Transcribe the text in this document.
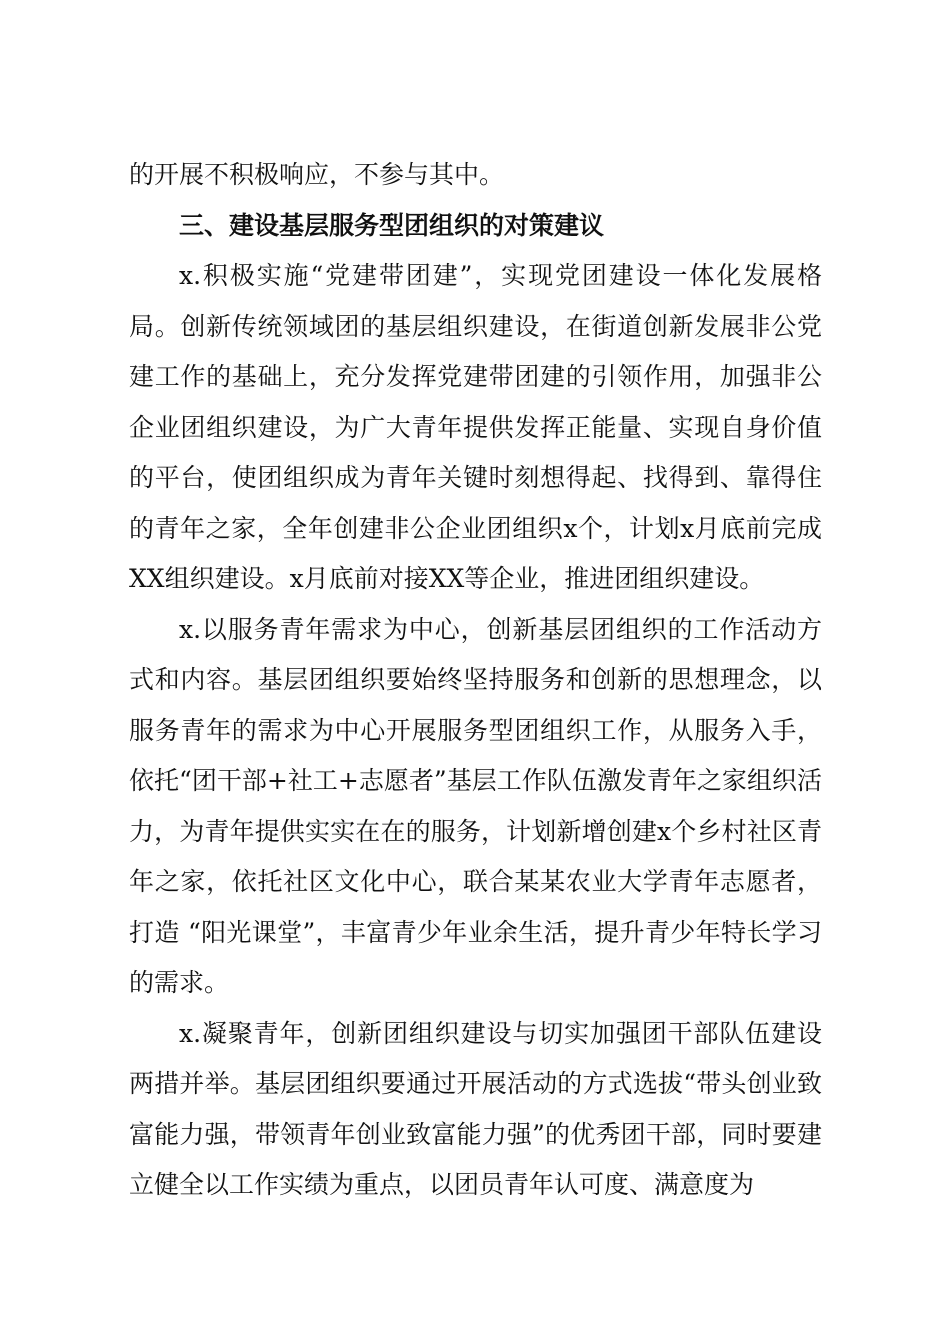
的开展不积极响应，不参与其中。

三、建设基层服务型团组织的对策建议

x.积极实施“党建带团建”，实现党团建设一体化发展格局。创新传统领域团的基层组织建设，在街道创新发展非公党建工作的基础上，充分发挥党建带团建的引领作用，加强非公企业团组织建设，为广大青年提供发挥正能量、实现自身价值的平台，使团组织成为青年关键时刻想得起、找得到、靠得住的青年之家，全年创建非公企业团组织x个，计划x月底前完成XX组织建设。x月底前对接XX等企业，推进团组织建设。

x.以服务青年需求为中心，创新基层团组织的工作活动方式和内容。基层团组织要始终坚持服务和创新的思想理念，以服务青年的需求为中心开展服务型团组织工作，从服务入手，依托“团干部+社工+志愿者”基层工作队伍激发青年之家组织活力，为青年提供实实在在的服务，计划新增创建x个乡村社区青年之家，依托社区文化中心，联合某某农业大学青年志愿者，打造 “阳光课堂”，丰富青少年业余生活，提升青少年特长学习的需求。

x.凝聚青年，创新团组织建设与切实加强团干部队伍建设两措并举。基层团组织要通过开展活动的方式选拔“带头创业致富能力强，带领青年创业致富能力强”的优秀团干部，同时要建立健全以工作实绩为重点，以团员青年认可度、满意度为
